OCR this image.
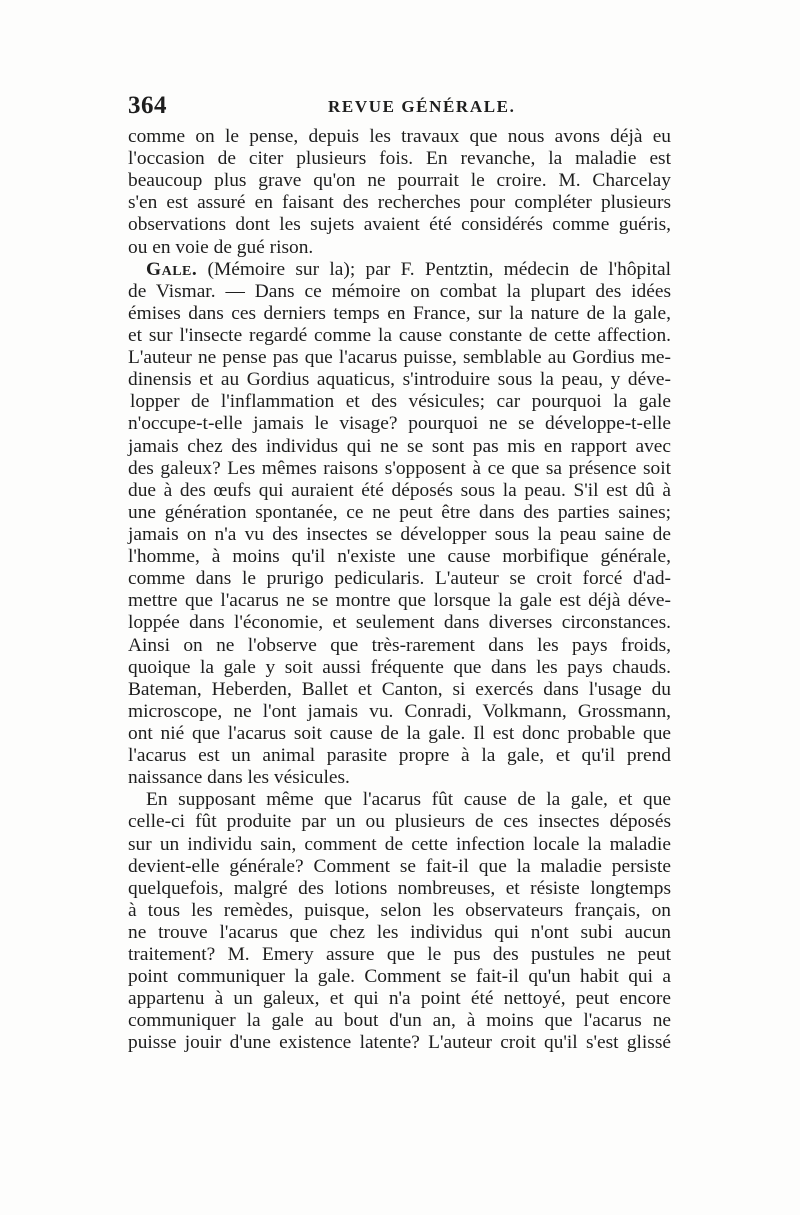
364	REVUE GÉNÉRALE.
comme on le pense, depuis les travaux que nous avons déjà eu
l'occasion de citer plusieurs fois. En revanche, la maladie est
beaucoup plus grave qu'on ne pourrait le croire. M. Charcelay
s'en est assuré en faisant des recherches pour compléter plusieurs
observations dont les sujets avaient été considérés comme guéris,
ou en voie de gué rison.
Gale. (Mémoire sur la); par F. Pentztin, médecin de l'hôpital
de Vismar. — Dans ce mémoire on combat la plupart des idées
émises dans ces derniers temps en France, sur la nature de la gale,
et sur l'insecte regardé comme la cause constante de cette affection.
L'auteur ne pense pas que l'acarus puisse, semblable au Gordius me-
dinensis et au Gordius aquaticus, s'introduire sous la peau, y déve-
lopper de l'inflammation et des vésicules; car pourquoi la gale
n'occupe-t-elle jamais le visage? pourquoi ne se développe-t-elle
jamais chez des individus qui ne se sont pas mis en rapport avec
des galeux? Les mêmes raisons s'opposent à ce que sa présence soit
due à des œufs qui auraient été déposés sous la peau. S'il est dû à
une génération spontanée, ce ne peut être dans des parties saines;
jamais on n'a vu des insectes se développer sous la peau saine de
l'homme, à moins qu'il n'existe une cause morbifique générale,
comme dans le prurigo pedicularis. L'auteur se croit forcé d'ad-
mettre que l'acarus ne se montre que lorsque la gale est déjà déve-
loppée dans l'économie, et seulement dans diverses circonstances.
Ainsi on ne l'observe que très-rarement dans les pays froids,
quoique la gale y soit aussi fréquente que dans les pays chauds.
Bateman, Heberden, Ballet et Canton, si exercés dans l'usage du
microscope, ne l'ont jamais vu. Conradi, Volkmann, Grossmann,
ont nié que l'acarus soit cause de la gale. Il est donc probable que
l'acarus est un animal parasite propre à la gale, et qu'il prend
naissance dans les vésicules.
En supposant même que l'acarus fût cause de la gale, et que
celle-ci fût produite par un ou plusieurs de ces insectes déposés
sur un individu sain, comment de cette infection locale la maladie
devient-elle générale? Comment se fait-il que la maladie persiste
quelquefois, malgré des lotions nombreuses, et résiste longtemps
à tous les remèdes, puisque, selon les observateurs français, on
ne trouve l'acarus que chez les individus qui n'ont subi aucun
traitement? M. Emery assure que le pus des pustules ne peut
point communiquer la gale. Comment se fait-il qu'un habit qui a
appartenu à un galeux, et qui n'a point été nettoyé, peut encore
communiquer la gale au bout d'un an, à moins que l'acarus ne
puisse jouir d'une existence latente? L'auteur croit qu'il s'est glissé
